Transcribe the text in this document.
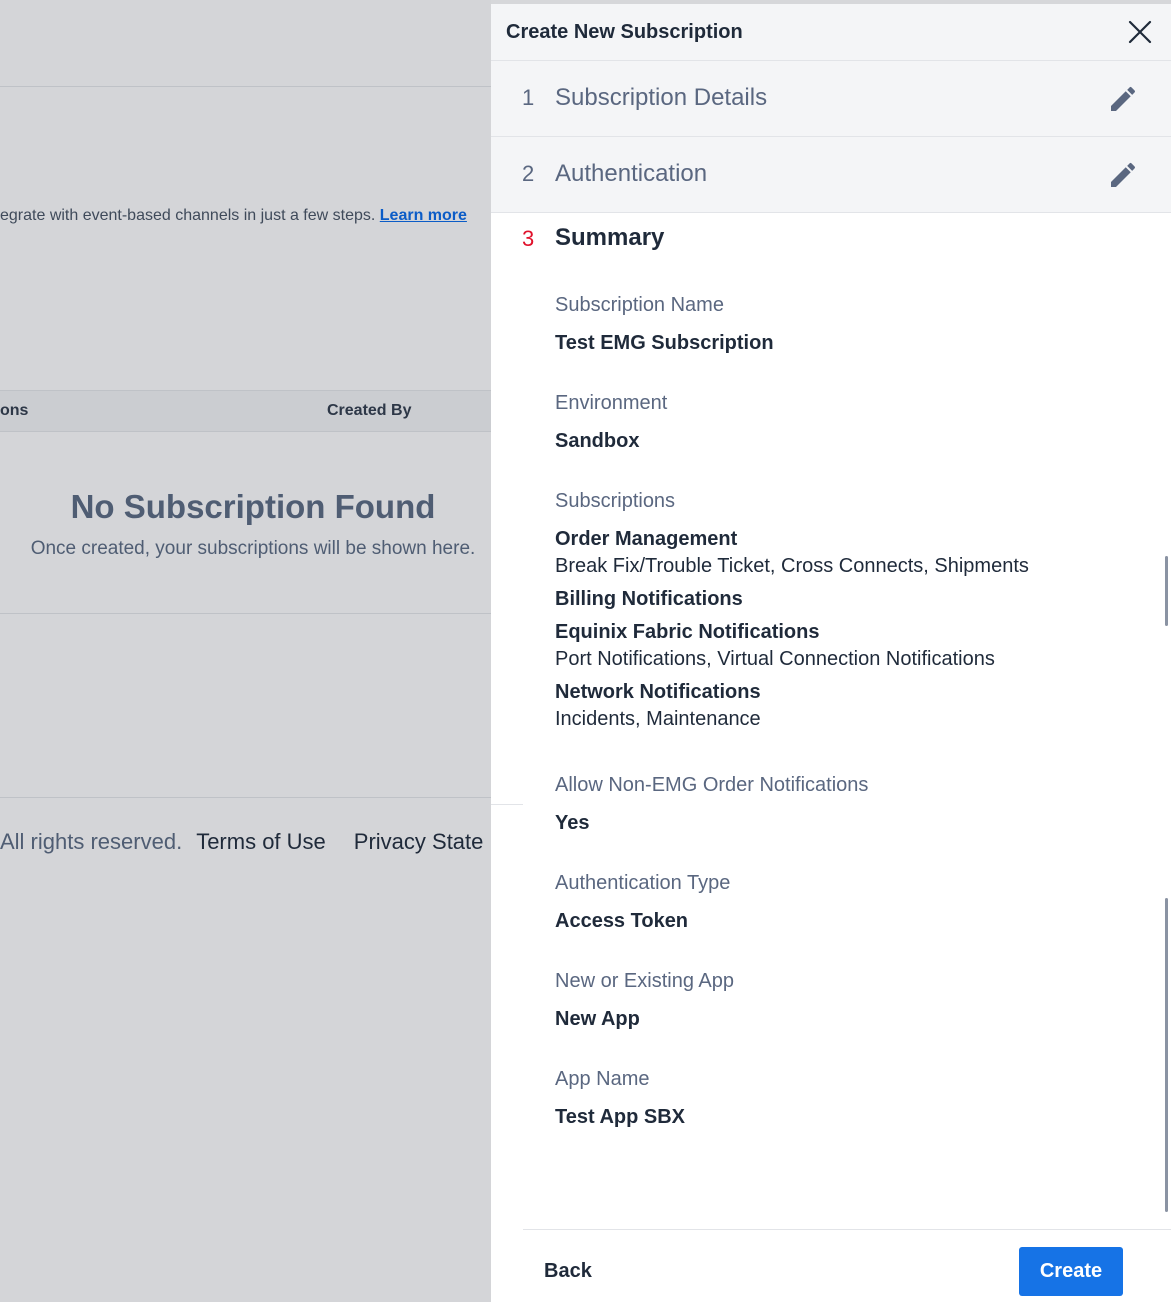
egrate with event-based channels in just a few steps. Learn more
ons	Created By
No Subscription Found
Once created, your subscriptions will be shown here.
All rights reserved. Terms of Use Privacy State
Create New Subscription
1 Subscription Details
2 Authentication
3 Summary
Subscription Name
Test EMG Subscription
Environment
Sandbox
Subscriptions
Order Management
Break Fix/Trouble Ticket, Cross Connects, Shipments
Billing Notifications
Equinix Fabric Notifications
Port Notifications, Virtual Connection Notifications
Network Notifications
Incidents, Maintenance
Allow Non-EMG Order Notifications
Yes
Authentication Type
Access Token
New or Existing App
New App
App Name
Test App SBX
Back	Create
